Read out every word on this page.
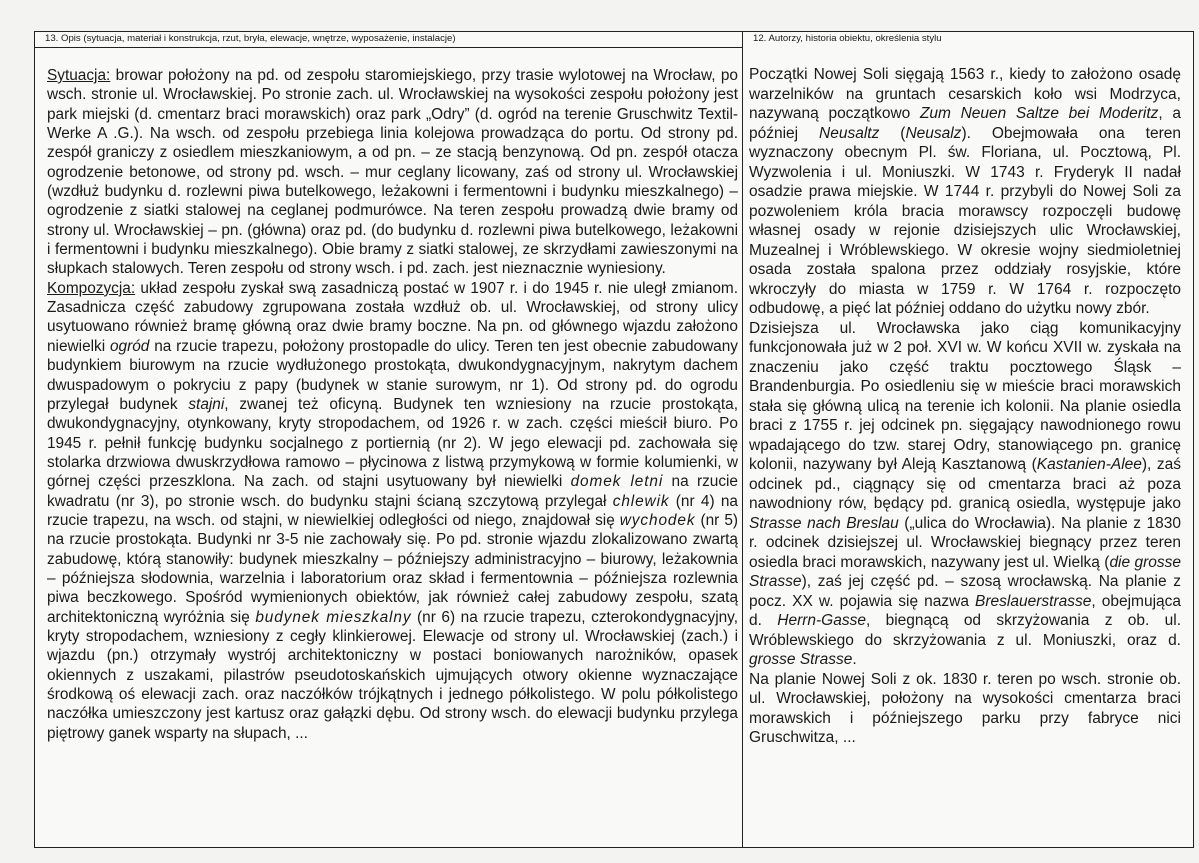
13. Opis (sytuacja, materiał i konstrukcja, rzut, bryła, elewacje, wnętrze, wyposażenie, instalacje)

Sytuacja: browar położony na pd. od zespołu staromiejskiego, przy trasie wylotowej na Wrocław, po wsch. stronie ul. Wrocławskiej. Po stronie zach. ul. Wrocławskiej na wysokości zespołu położony jest park miejski (d. cmentarz braci morawskich) oraz park „Odry” (d. ogród na terenie Gruschwitz Textil-Werke A .G.). Na wsch. od zespołu przebiega linia kolejowa prowadząca do portu. Od strony pd. zespół graniczy z osiedlem mieszkaniowym, a od pn. – ze stacją benzynową. Od pn. zespół otacza ogrodzenie betonowe, od strony pd. wsch. – mur ceglany licowany, zaś od strony ul. Wrocławskiej (wzdłuż budynku d. rozlewni piwa butelkowego, leżakowni i fermentowni i budynku mieszkalnego) – ogrodzenie z siatki stalowej na ceglanej podmurówce. Na teren zespołu prowadzą dwie bramy od strony ul. Wrocławskiej – pn. (główna) oraz pd. (do budynku d. rozlewni piwa butelkowego, leżakowni i fermentowni i budynku mieszkalnego). Obie bramy z siatki stalowej, ze skrzydłami zawieszonymi na słupkach stalowych. Teren zespołu od strony wsch. i pd. zach. jest nieznacznie wyniesiony.

Kompozycja: układ zespołu zyskał swą zasadniczą postać w 1907 r. i do 1945 r. nie uległ zmianom. Zasadnicza część zabudowy zgrupowana została wzdłuż ob. ul. Wrocławskiej, od strony ulicy usytuowano również bramę główną oraz dwie bramy boczne. Na pn. od głównego wjazdu założono niewielki ogród na rzucie trapezu, położony prostopadle do ulicy. Teren ten jest obecnie zabudowany budynkiem biurowym na rzucie wydłużonego prostokąta, dwukondygnacyjnym, nakrytym dachem dwuspadowym o pokryciu z papy (budynek w stanie surowym, nr 1). Od strony pd. do ogrodu przylegał budynek stajni, zwanej też oficyną. Budynek ten wzniesiony na rzucie prostokąta, dwukondygnacyjny, otynkowany, kryty stropodachem, od 1926 r. w zach. części mieścił biuro. Po 1945 r. pełnił funkcję budynku socjalnego z portiernią (nr 2). W jego elewacji pd. zachowała się stolarka drzwiowa dwuskrzydłowa ramowo – płycinowa z listwą przymykową w formie kolumienki, w górnej części przeszklona. Na zach. od stajni usytuowany był niewielki domek letni na rzucie kwadratu (nr 3), po stronie wsch. do budynku stajni ścianą szczytową przylegał chlewik (nr 4) na rzucie trapezu, na wsch. od stajni, w niewielkiej odległości od niego, znajdował się wychodek (nr 5) na rzucie prostokąta. Budynki nr 3-5 nie zachowały się. Po pd. stronie wjazdu zlokalizowano zwartą zabudowę, którą stanowiły: budynek mieszkalny – późniejszy administracyjno – biurowy, leżakownia – późniejsza słodownia, warzelnia i laboratorium oraz skład i fermentownia – późniejsza rozlewnia piwa beczkowego. Spośród wymienionych obiektów, jak również całej zabudowy zespołu, szatą architektoniczną wyróżnia się budynek mieszkalny (nr 6) na rzucie trapezu, czterokondygnacyjny, kryty stropodachem, wzniesiony z cegły klinkierowej. Elewacje od strony ul. Wrocławskiej (zach.) i wjazdu (pn.) otrzymały wystrój architektoniczny w postaci boniowanych narożników, opasek okiennych z uszakami, pilastrów pseudotoskańskich ujmujących otwory okienne wyznaczające środkową oś elewacji zach. oraz naczółków trójkątnych i jednego półkolistego. W polu półkolistego naczółka umieszczony jest kartusz oraz gałązki dębu. Od strony wsch. do elewacji budynku przylega piętrowy ganek wsparty na słupach, ...

12. Autorzy, historia obiektu, określenia stylu

Początki Nowej Soli sięgają 1563 r., kiedy to założono osadę warzelników na gruntach cesarskich koło wsi Modrzyca, nazywaną początkowo Zum Neuen Saltze bei Moderitz, a później Neusaltz (Neusalz). Obejmowała ona teren wyznaczony obecnym Pl. św. Floriana, ul. Pocztową, Pl. Wyzwolenia i ul. Moniuszki. W 1743 r. Fryderyk II nadał osadzie prawa miejskie. W 1744 r. przybyli do Nowej Soli za pozwoleniem króla bracia morawscy rozpoczęli budowę własnej osady w rejonie dzisiejszych ulic Wrocławskiej, Muzealnej i Wróblewskiego. W okresie wojny siedmioletniej osada została spalona przez oddziały rosyjskie, które wkroczyły do miasta w 1759 r. W 1764 r. rozpoczęto odbudowę, a pięć lat później oddano do użytku nowy zbór.

Dzisiejsza ul. Wrocławska jako ciąg komunikacyjny funkcjonowała już w 2 poł. XVI w. W końcu XVII w. zyskała na znaczeniu jako część traktu pocztowego Śląsk – Brandenburgia. Po osiedleniu się w mieście braci morawskich stała się główną ulicą na terenie ich kolonii. Na planie osiedla braci z 1755 r. jej odcinek pn. sięgający nawodnionego rowu wpadającego do tzw. starej Odry, stanowiącego pn. granicę kolonii, nazywany był Aleją Kasztanową (Kastanien-Alee), zaś odcinek pd., ciągnący się od cmentarza braci aż poza nawodniony rów, będący pd. granicą osiedla, występuje jako Strasse nach Breslau („ulica do Wrocławia). Na planie z 1830 r. odcinek dzisiejszej ul. Wrocławskiej biegnący przez teren osiedla braci morawskich, nazywany jest ul. Wielką (die grosse Strasse), zaś jej część pd. – szosą wrocławską. Na planie z pocz. XX w. pojawia się nazwa Breslauerstrasse, obejmująca d. Herrn-Gasse, biegnącą od skrzyżowania z ob. ul. Wróblewskiego do skrzyżowania z ul. Moniuszki, oraz d. grosse Strasse.

Na planie Nowej Soli z ok. 1830 r. teren po wsch. stronie ob. ul. Wrocławskiej, położony na wysokości cmentarza braci morawskich i późniejszego parku przy fabryce nici Gruschwitza, ...
